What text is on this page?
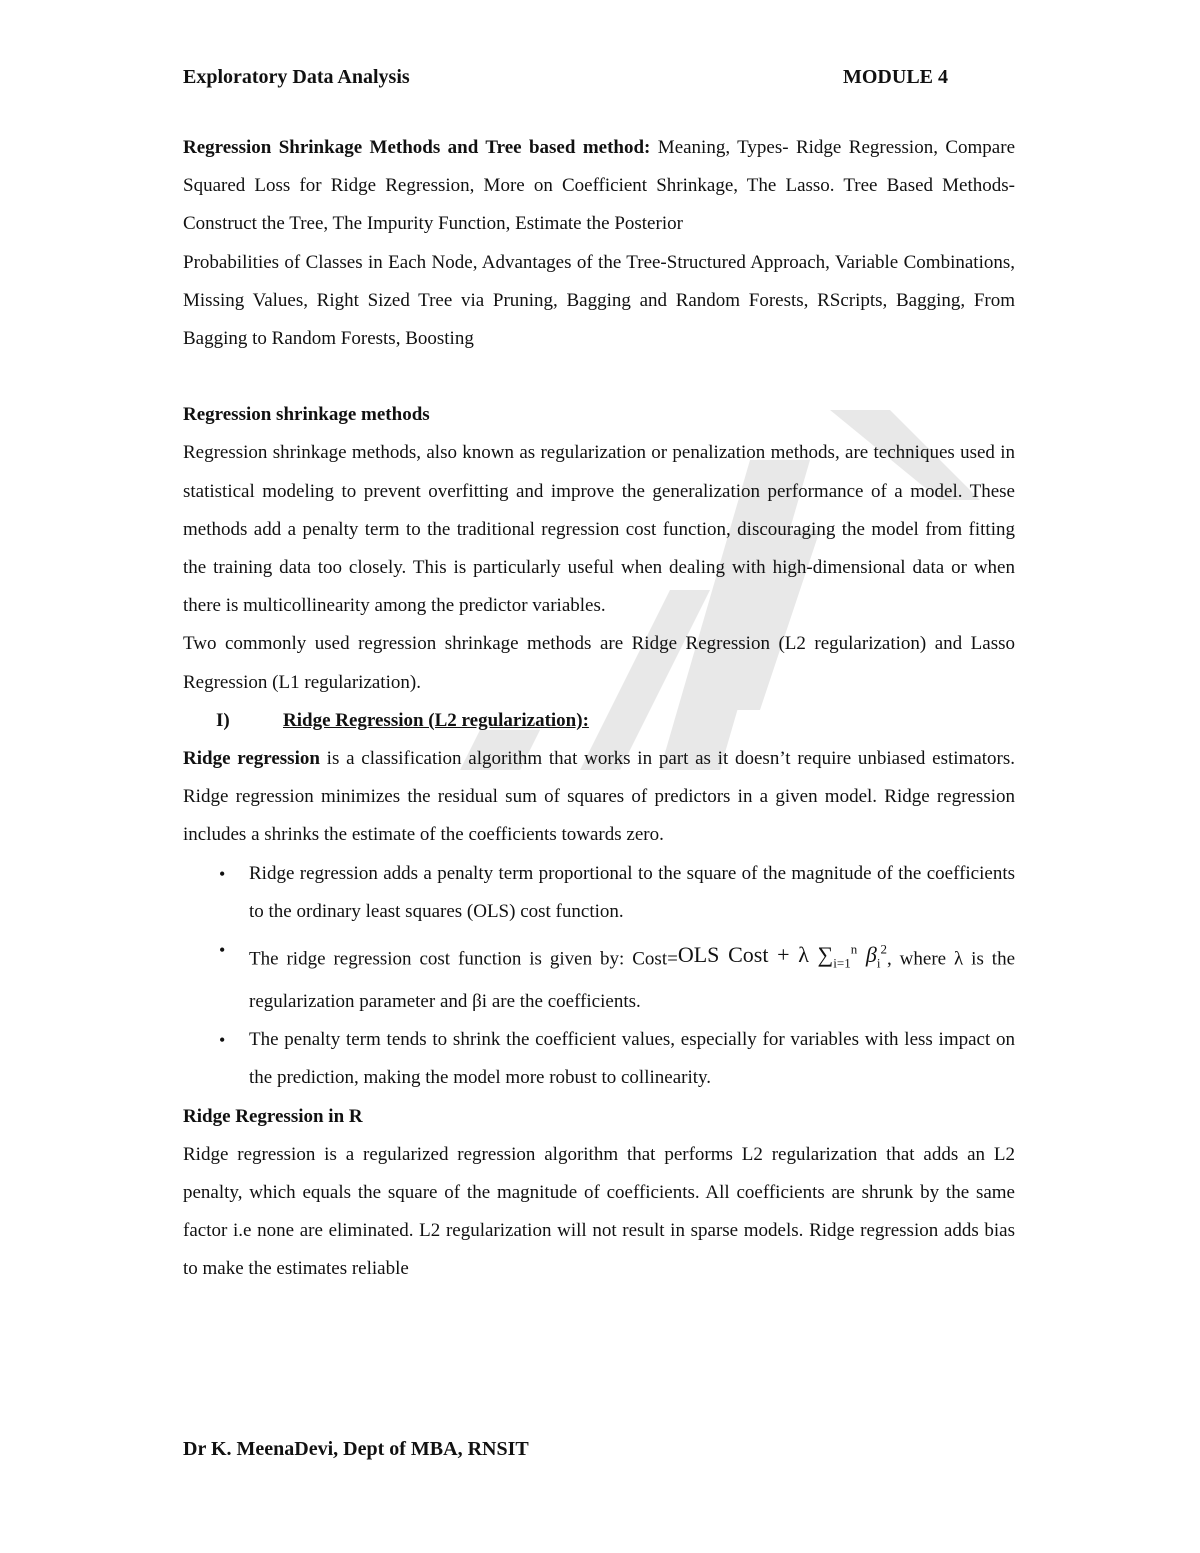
Exploratory Data Analysis	MODULE 4

Regression Shrinkage Methods and Tree based method: Meaning, Types- Ridge Regression, Compare Squared Loss for Ridge Regression, More on Coefficient Shrinkage, The Lasso. Tree Based Methods- Construct the Tree, The Impurity Function, Estimate the Posterior

Probabilities of Classes in Each Node, Advantages of the Tree-Structured Approach, Variable Combinations, Missing Values, Right Sized Tree via Pruning, Bagging and Random Forests, RScripts, Bagging, From Bagging to Random Forests, Boosting

Regression shrinkage methods

Regression shrinkage methods, also known as regularization or penalization methods, are techniques used in statistical modeling to prevent overfitting and improve the generalization performance of a model. These methods add a penalty term to the traditional regression cost function, discouraging the model from fitting the training data too closely. This is particularly useful when dealing with high-dimensional data or when there is multicollinearity among the predictor variables.

Two commonly used regression shrinkage methods are Ridge Regression (L2 regularization) and Lasso Regression (L1 regularization).

I)	Ridge Regression (L2 regularization):

Ridge regression is a classification algorithm that works in part as it doesn’t require unbiased estimators. Ridge regression minimizes the residual sum of squares of predictors in a given model. Ridge regression includes a shrinks the estimate of the coefficients towards zero.

• Ridge regression adds a penalty term proportional to the square of the magnitude of the coefficients to the ordinary least squares (OLS) cost function.
• The ridge regression cost function is given by: Cost=OLS Cost + λ $\sum_{i=1}^n$ $\beta_i^2$, where λ is the regularization parameter and βi are the coefficients.
• The penalty term tends to shrink the coefficient values, especially for variables with less impact on the prediction, making the model more robust to collinearity.

Ridge Regression in R

Ridge regression is a regularized regression algorithm that performs L2 regularization that adds an L2 penalty, which equals the square of the magnitude of coefficients. All coefficients are shrunk by the same factor i.e none are eliminated. L2 regularization will not result in sparse models. Ridge regression adds bias to make the estimates reliable

Dr K. MeenaDevi, Dept of MBA, RNSIT
